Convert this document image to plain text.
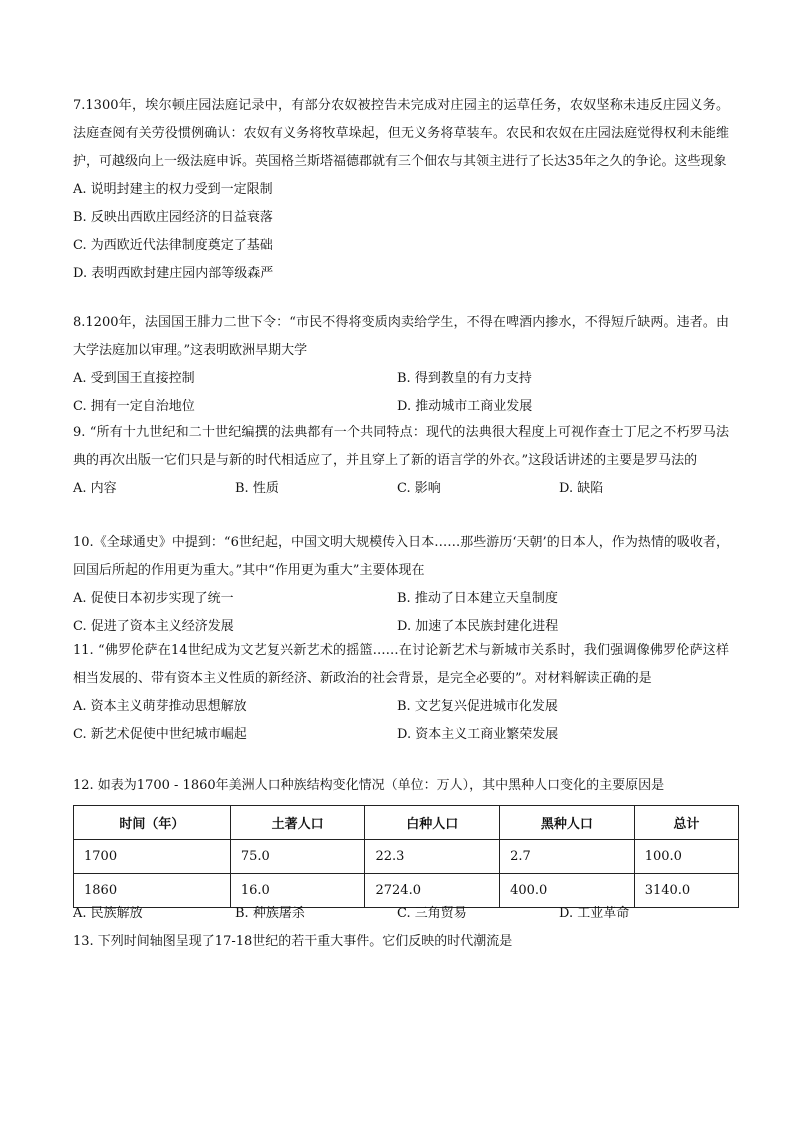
7.1300年，埃尔顿庄园法庭记录中，有部分农奴被控告未完成对庄园主的运草任务，农奴坚称未违反庄园义务。法庭查阅有关劳役惯例确认：农奴有义务将牧草垛起，但无义务将草装车。农民和农奴在庄园法庭觉得权利未能维护，可越级向上一级法庭申诉。英国格兰斯塔福德郡就有三个佃农与其领主进行了长达35年之久的争论。这些现象

A. 说明封建主的权力受到一定限制

B. 反映出西欧庄园经济的日益衰落

C. 为西欧近代法律制度奠定了基础

D. 表明西欧封建庄园内部等级森严

8.1200年，法国国王腓力二世下令：“市民不得将变质肉卖给学生，不得在啤酒内掺水，不得短斤缺两。违者。由大学法庭加以审理。”这表明欧洲早期大学

A. 受到国王直接控制	B. 得到教皇的有力支持
C. 拥有一定自治地位	D. 推动城市工商业发展

9. “所有十九世纪和二十世纪编撰的法典都有一个共同特点：现代的法典很大程度上可视作查士丁尼之不朽罗马法典的再次出版一它们只是与新的时代相适应了，并且穿上了新的语言学的外衣。”这段话讲述的主要是罗马法的

A. 内容	B. 性质	C. 影响	D. 缺陷

10.《全球通史》中提到：“6世纪起，中国文明大规模传入日本……那些游历‘天朝’的日本人，作为热情的吸收者，回国后所起的作用更为重大。”其中“作用更为重大”主要体现在

A. 促使日本初步实现了统一	B. 推动了日本建立天皇制度
C. 促进了资本主义经济发展	D. 加速了本民族封建化进程

11. “佛罗伦萨在14世纪成为文艺复兴新艺术的摇篮……在讨论新艺术与新城市关系时，我们强调像佛罗伦萨这样相当发展的、带有资本主义性质的新经济、新政治的社会背景，是完全必要的”。对材料解读正确的是

A. 资本主义萌芽推动思想解放	B. 文艺复兴促进城市化发展
C. 新艺术促使中世纪城市崛起	D. 资本主义工商业繁荣发展

12. 如表为1700 - 1860年美洲人口种族结构变化情况（单位：万人），其中黑种人口变化的主要原因是

时间（年）	土著人口	白种人口	黑种人口	总计
1700	75.0	22.3	2.7	100.0
1860	16.0	2724.0	400.0	3140.0
A. 民族解放	B. 种族屠杀	C. 三角贸易	D. 工业革命

13. 下列时间轴图呈现了17-18世纪的若干重大事件。它们反映的时代潮流是
